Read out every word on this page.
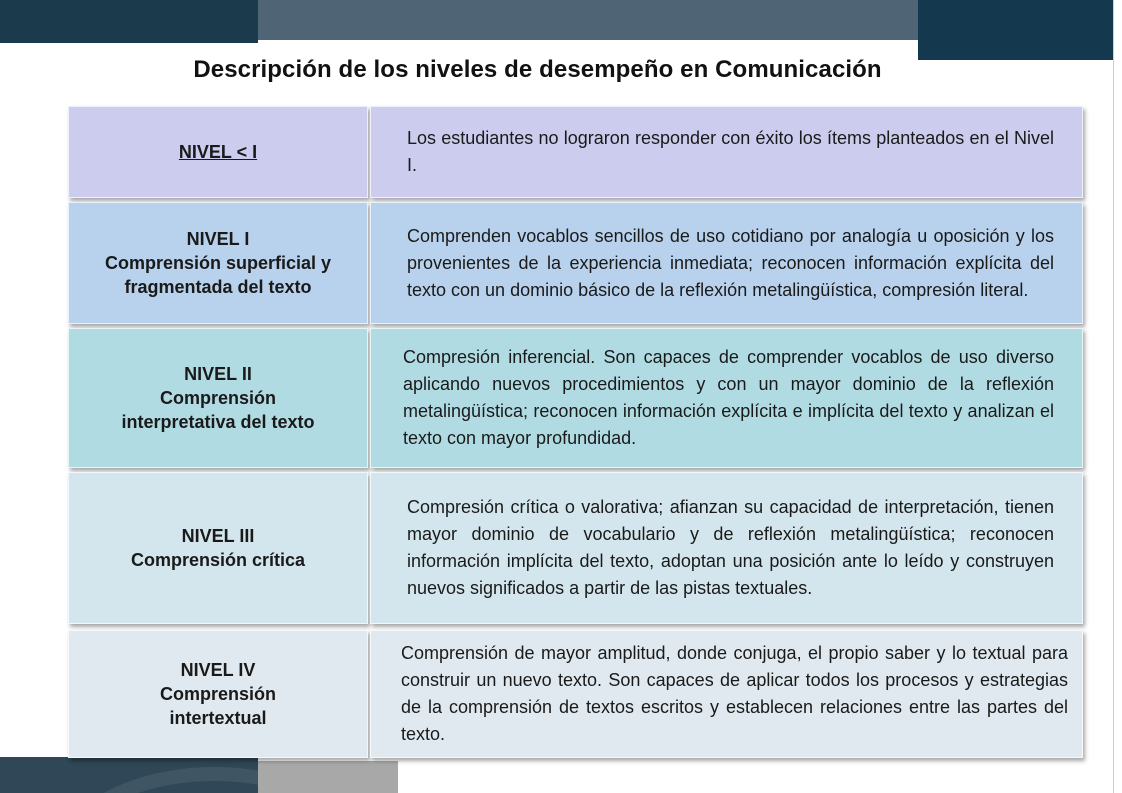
Descripción de los niveles de desempeño en Comunicación
NIVEL < I
Los estudiantes no lograron responder con éxito los ítems planteados en el Nivel I.
NIVEL I
Comprensión superficial y fragmentada del texto
Comprenden vocablos sencillos de uso cotidiano por analogía u oposición y los provenientes de la experiencia inmediata; reconocen información explícita del texto con un dominio básico de la reflexión metalingüística, compresión literal.
NIVEL II
Comprensión interpretativa del texto
Compresión inferencial. Son capaces de comprender vocablos de uso diverso aplicando nuevos procedimientos y con un mayor dominio de la reflexión metalingüística; reconocen información explícita e implícita del texto y analizan el texto con mayor profundidad.
NIVEL III
Comprensión crítica
Compresión crítica o valorativa; afianzan su capacidad de interpretación, tienen mayor dominio de vocabulario y de reflexión metalingüística; reconocen información implícita del texto, adoptan una posición ante lo leído y construyen nuevos significados a partir de las pistas textuales.
NIVEL IV
Comprensión intertextual
Comprensión de mayor amplitud, donde conjuga, el propio saber y lo textual para construir un nuevo texto. Son capaces de aplicar todos los procesos y estrategias de la comprensión de textos escritos y establecen relaciones entre las partes del texto.
